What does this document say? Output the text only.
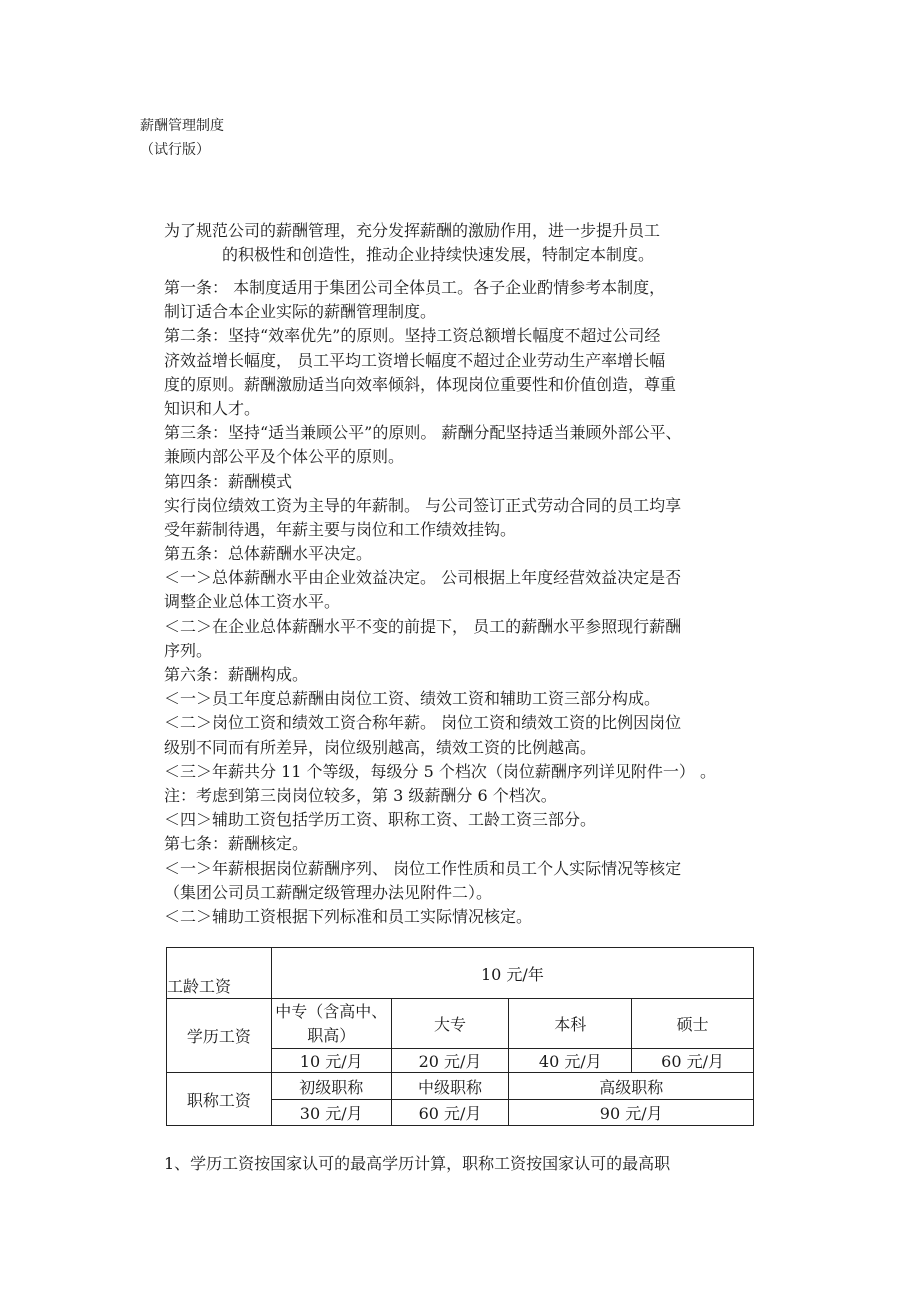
薪酬管理制度
（试行版）
为了规范公司的薪酬管理，充分发挥薪酬的激励作用，进一步提升员工
的积极性和创造性，推动企业持续快速发展，特制定本制度。
第一条： 本制度适用于集团公司全体员工。各子企业酌情参考本制度，
制订适合本企业实际的薪酬管理制度。
第二条：坚持“效率优先”的原则。坚持工资总额增长幅度不超过公司经
济效益增长幅度， 员工平均工资增长幅度不超过企业劳动生产率增长幅
度的原则。薪酬激励适当向效率倾斜，体现岗位重要性和价值创造，尊重
知识和人才。
第三条：坚持“适当兼顾公平”的原则。 薪酬分配坚持适当兼顾外部公平、
兼顾内部公平及个体公平的原则。
第四条：薪酬模式
实行岗位绩效工资为主导的年薪制。 与公司签订正式劳动合同的员工均享
受年薪制待遇，年薪主要与岗位和工作绩效挂钩。
第五条：总体薪酬水平决定。
＜一＞总体薪酬水平由企业效益决定。 公司根据上年度经营效益决定是否
调整企业总体工资水平。
＜二＞在企业总体薪酬水平不变的前提下， 员工的薪酬水平参照现行薪酬
序列。
第六条：薪酬构成。
＜一＞员工年度总薪酬由岗位工资、绩效工资和辅助工资三部分构成。
＜二＞岗位工资和绩效工资合称年薪。 岗位工资和绩效工资的比例因岗位
级别不同而有所差异，岗位级别越高，绩效工资的比例越高。
＜三＞年薪共分 11 个等级，每级分 5 个档次（岗位薪酬序列详见附件一） 。
注：考虑到第三岗岗位较多，第 3 级薪酬分 6 个档次。
＜四＞辅助工资包括学历工资、职称工资、工龄工资三部分。
第七条：薪酬核定。
＜一＞年薪根据岗位薪酬序列、 岗位工作性质和员工个人实际情况等核定
（集团公司员工薪酬定级管理办法见附件二）。
＜二＞辅助工资根据下列标准和员工实际情况核定。
工龄工资	10 元/年			
学历工资	中专（含高中、职高）	大专	本科	硕士
	10 元/月	20 元/月	40 元/月	60 元/月
职称工资	初级职称	中级职称	高级职称	
	30 元/月	60 元/月	90 元/月	
1、学历工资按国家认可的最高学历计算，职称工资按国家认可的最高职
